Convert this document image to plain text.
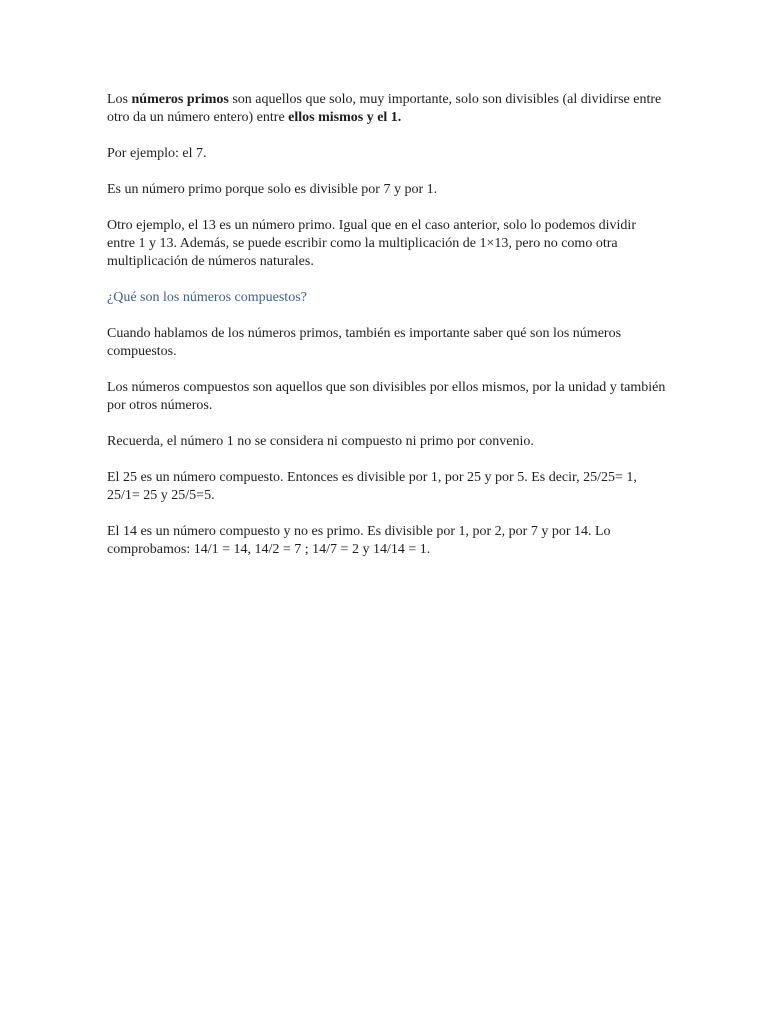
Los números primos son aquellos que solo, muy importante, solo son divisibles (al dividirse entre otro da un número entero) entre ellos mismos y el 1.

Por ejemplo: el 7.

Es un número primo porque solo es divisible por 7 y por 1.

Otro ejemplo, el 13 es un número primo. Igual que en el caso anterior, solo lo podemos dividir entre 1 y 13. Además, se puede escribir como la multiplicación de 1×13, pero no como otra multiplicación de números naturales.

¿Qué son los números compuestos?

Cuando hablamos de los números primos, también es importante saber qué son los números compuestos.

Los números compuestos son aquellos que son divisibles por ellos mismos, por la unidad y también por otros números.

Recuerda, el número 1 no se considera ni compuesto ni primo por convenio.

El 25 es un número compuesto. Entonces es divisible por 1, por 25 y por 5. Es decir, 25/25= 1, 25/1= 25 y 25/5=5.

El 14 es un número compuesto y no es primo. Es divisible por 1, por 2, por 7 y por 14. Lo comprobamos: 14/1 = 14, 14/2 = 7 ; 14/7 = 2 y 14/14 = 1.
